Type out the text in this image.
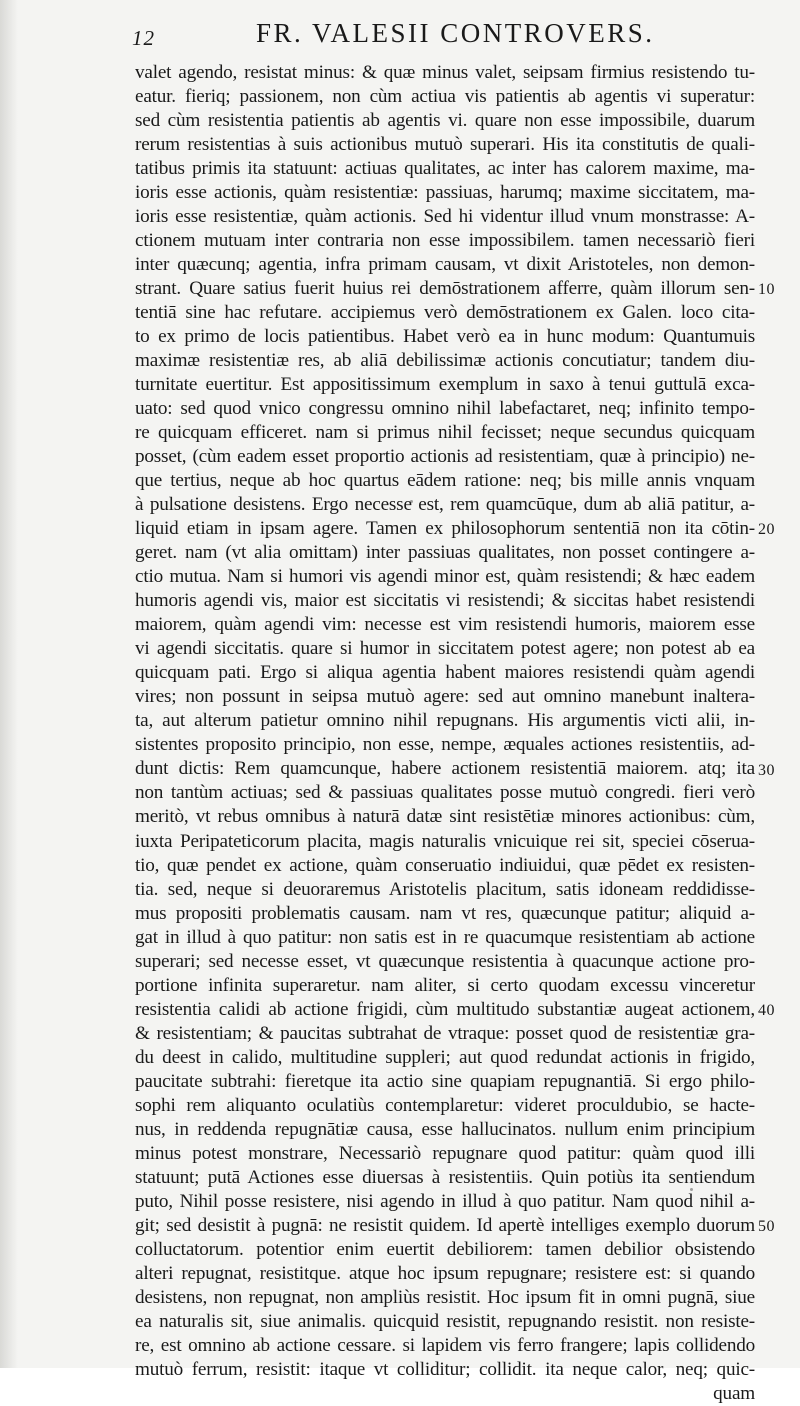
12	FR. VALESII CONTROVERS.
valet agendo, resistat minus: & quæ minus valet, seipsam firmius resistendo tu-
eatur. fieriq; passionem, non cùm actiua vis patientis ab agentis vi superatur:
sed cùm resistentia patientis ab agentis vi. quare non esse impossibile, duarum
rerum resistentias à suis actionibus mutuò superari. His ita constitutis de quali-
tatibus primis ita statuunt: actiuas qualitates, ac inter has calorem maxime, ma-
ioris esse actionis, quàm resistentiæ: passiuas, harumq; maxime siccitatem, ma-
ioris esse resistentiæ, quàm actionis. Sed hi videntur illud vnum monstrasse: A-
ctionem mutuam inter contraria non esse impossibilem. tamen necessariò fieri
inter quæcunq; agentia, infra primam causam, vt dixit Aristoteles, non demon-
strant. Quare satius fuerit huius rei demōstrationem afferre, quàm illorum sen-
tentiā sine hac refutare. accipiemus verò demōstrationem ex Galen. loco cita-
to ex primo de locis patientibus. Habet verò ea in hunc modum: Quantumuis
maximæ resistentiæ res, ab aliā debilissimæ actionis concutiatur; tandem diu-
turnitate euertitur. Est appositissimum exemplum in saxo à tenui guttulā exca-
uato: sed quod vnico congressu omnino nihil labefactaret, neq; infinito tempo-
re quicquam efficeret. nam si primus nihil fecisset; neque secundus quicquam
posset, (cùm eadem esset proportio actionis ad resistentiam, quæ à principio) ne-
que tertius, neque ab hoc quartus eādem ratione: neq; bis mille annis vnquam
à pulsatione desistens. Ergo necesse est, rem quamcūque, dum ab aliā patitur, a-
liquid etiam in ipsam agere. Tamen ex philosophorum sententiā non ita cōtin-
geret. nam (vt alia omittam) inter passiuas qualitates, non posset contingere a-
ctio mutua. Nam si humori vis agendi minor est, quàm resistendi; & hæc eadem
humoris agendi vis, maior est siccitatis vi resistendi; & siccitas habet resistendi
maiorem, quàm agendi vim: necesse est vim resistendi humoris, maiorem esse
vi agendi siccitatis. quare si humor in siccitatem potest agere; non potest ab ea
quicquam pati. Ergo si aliqua agentia habent maiores resistendi quàm agendi
vires; non possunt in seipsa mutuò agere: sed aut omnino manebunt inaltera-
ta, aut alterum patietur omnino nihil repugnans. His argumentis victi alii, in-
sistentes proposito principio, non esse, nempe, æquales actiones resistentiis, ad-
dunt dictis: Rem quamcunque, habere actionem resistentiā maiorem. atq; ita
non tantùm actiuas; sed & passiuas qualitates posse mutuò congredi. fieri verò
meritò, vt rebus omnibus à naturā datæ sint resistētiæ minores actionibus: cùm,
iuxta Peripateticorum placita, magis naturalis vnicuique rei sit, speciei cōserua-
tio, quæ pendet ex actione, quàm conseruatio indiuidui, quæ pēdet ex resisten-
tia. sed, neque si deuoraremus Aristotelis placitum, satis idoneam reddidisse-
mus propositi problematis causam. nam vt res, quæcunque patitur; aliquid a-
gat in illud à quo patitur: non satis est in re quacumque resistentiam ab actione
superari; sed necesse esset, vt quæcunque resistentia à quacunque actione pro-
portione infinita superaretur. nam aliter, si certo quodam excessu vinceretur
resistentia calidi ab actione frigidi, cùm multitudo substantiæ augeat actionem,
& resistentiam; & paucitas subtrahat de vtraque: posset quod de resistentiæ gra-
du deest in calido, multitudine suppleri; aut quod redundat actionis in frigido,
paucitate subtrahi: fieretque ita actio sine quapiam repugnantiā. Si ergo philo-
sophi rem aliquanto oculatiùs contemplaretur: videret proculdubio, se hacte-
nus, in reddenda repugnātiæ causa, esse hallucinatos. nullum enim principium
minus potest monstrare, Necessariò repugnare quod patitur: quàm quod illi
statuunt; putā Actiones esse diuersas à resistentiis. Quin potiùs ita sentiendum
puto, Nihil posse resistere, nisi agendo in illud à quo patitur. Nam quod nihil a-
git; sed desistit à pugnā: ne resistit quidem. Id apertè intelliges exemplo duorum
colluctatorum. potentior enim euertit debiliorem: tamen debilior obsistendo
alteri repugnat, resistitque. atque hoc ipsum repugnare; resistere est: si quando
desistens, non repugnat, non ampliùs resistit. Hoc ipsum fit in omni pugnā, siue
ea naturalis sit, siue animalis. quicquid resistit, repugnando resistit. non resiste-
re, est omnino ab actione cessare. si lapidem vis ferro frangere; lapis collidendo
mutuò ferrum, resistit: itaque vt colliditur; collidit. ita neque calor, neq; quic-
quam
10
20
30
40
50
